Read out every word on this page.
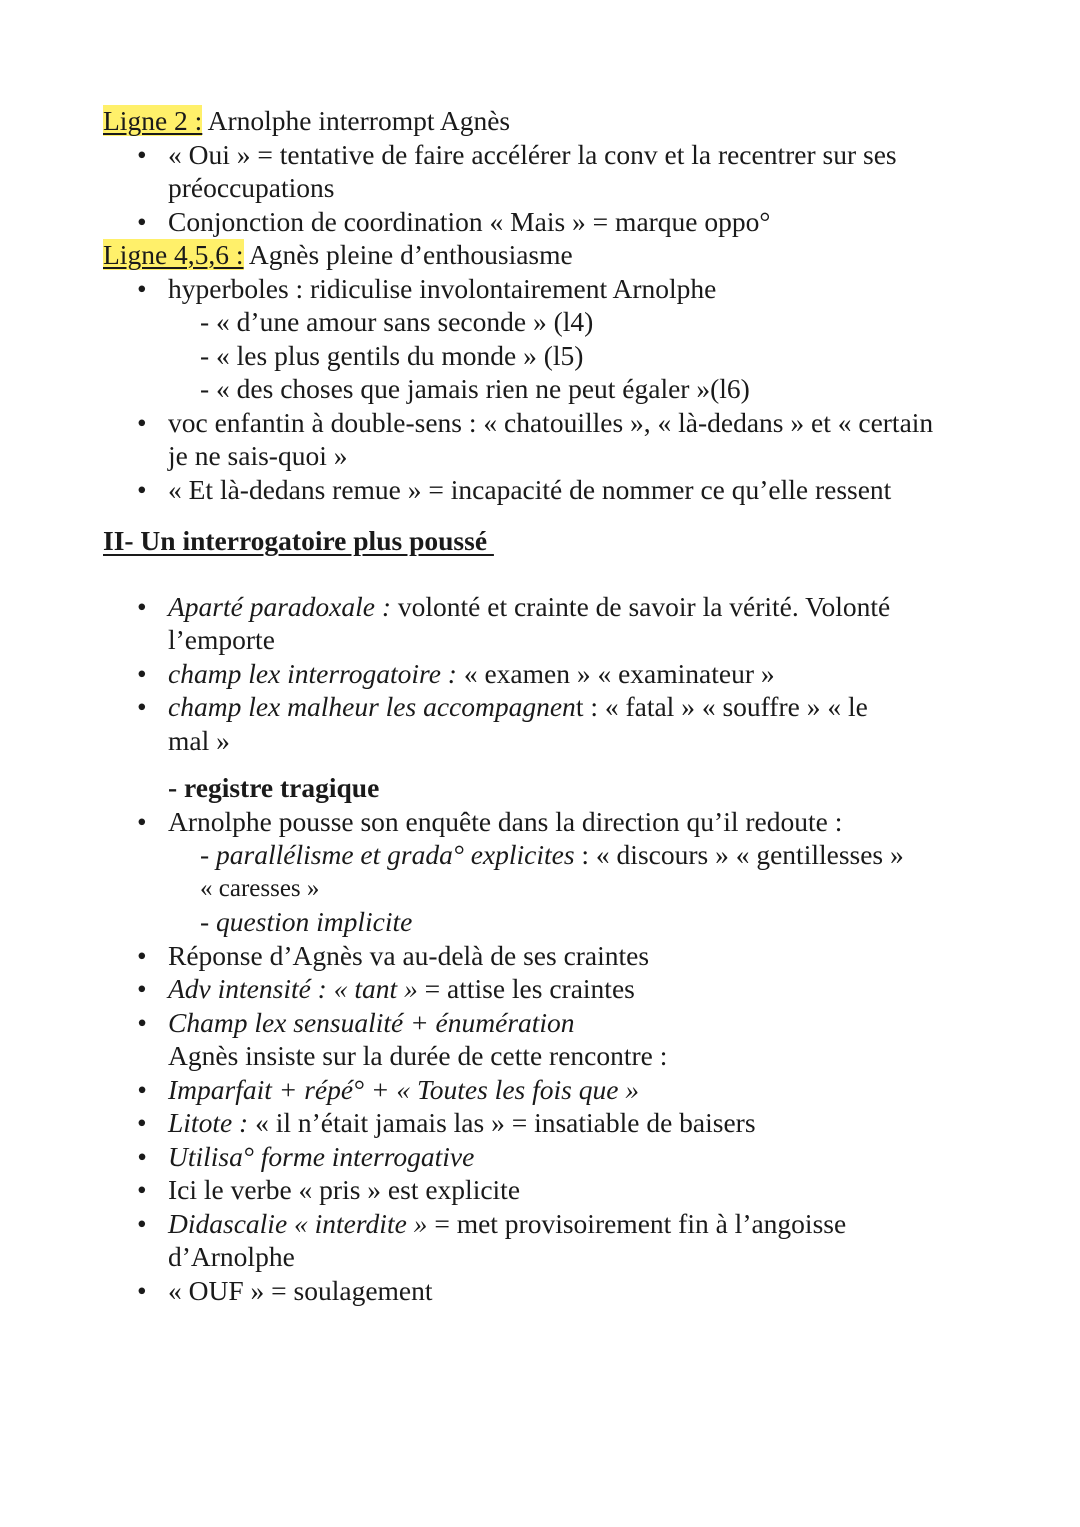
Ligne 2 : Arnolphe interrompt Agnès
• « Oui » = tentative de faire accélérer la conv et la recentrer sur ses
préoccupations
• Conjonction de coordination « Mais » = marque oppo°
Ligne 4,5,6 : Agnès pleine d’enthousiasme
• hyperboles : ridiculise involontairement Arnolphe
- « d’une amour sans seconde » (l4)
- « les plus gentils du monde » (l5)
- « des choses que jamais rien ne peut égaler »(l6)
• voc enfantin à double-sens : « chatouilles », « là-dedans » et « certain
je ne sais-quoi »
• « Et là-dedans remue » = incapacité de nommer ce qu’elle ressent
II- Un interrogatoire plus poussé
• Aparté paradoxale : volonté et crainte de savoir la vérité. Volonté
l’emporte
• champ lex interrogatoire : « examen » « examinateur »
• champ lex malheur les accompagnent : « fatal » « souffre » « le
mal »
- registre tragique
• Arnolphe pousse son enquête dans la direction qu’il redoute :
- parallélisme et grada° explicites : « discours » « gentillesses »
« caresses »
- question implicite
• Réponse d’Agnès va au-delà de ses craintes
• Adv intensité : « tant » = attise les craintes
• Champ lex sensualité + énumération
Agnès insiste sur la durée de cette rencontre :
• Imparfait + répé° + « Toutes les fois que »
• Litote : « il n’était jamais las » = insatiable de baisers
• Utilisa° forme interrogative
• Ici le verbe « pris » est explicite
• Didascalie « interdite » = met provisoirement fin à l’angoisse
d’Arnolphe
• « OUF » = soulagement
